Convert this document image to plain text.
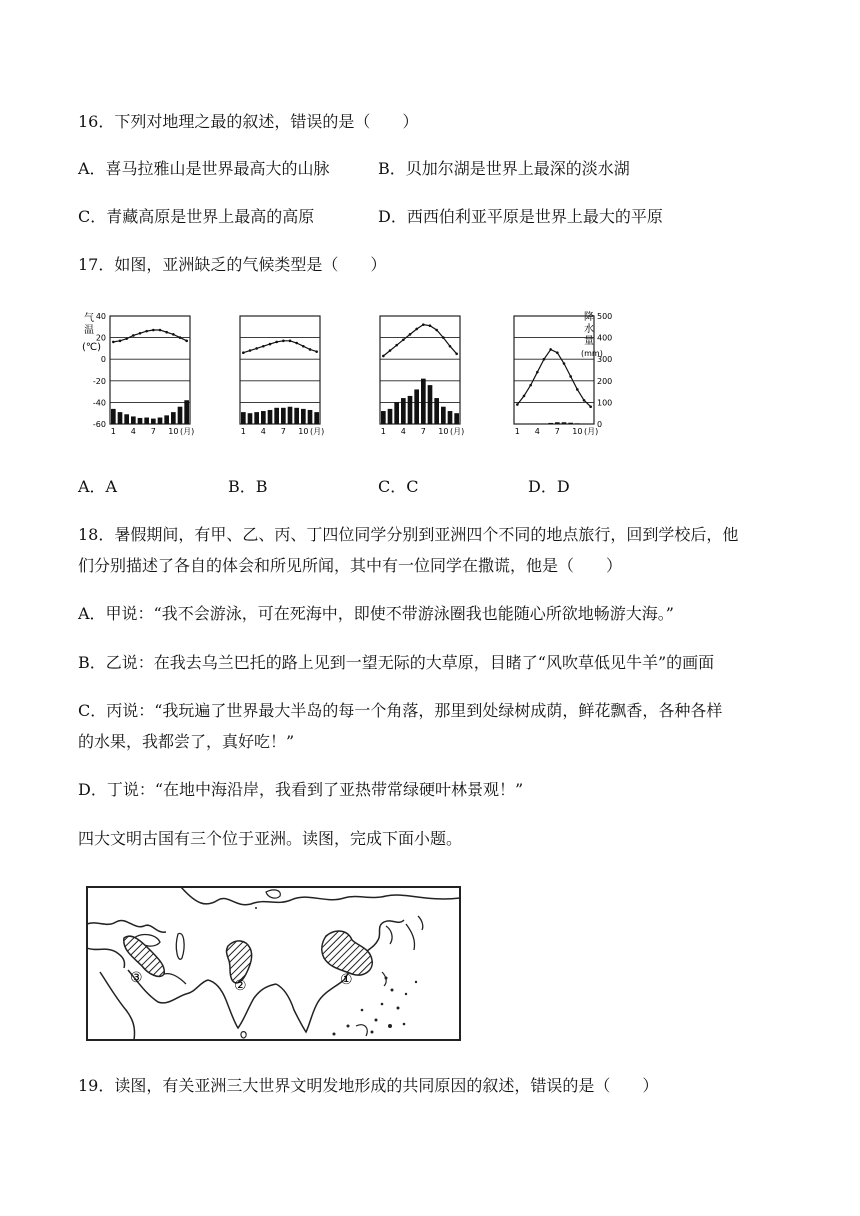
16．下列对地理之最的叙述，错误的是（　　）
A．喜马拉雅山是世界最高大的山脉	B．贝加尔湖是世界上最深的淡水湖
C．青藏高原是世界上最高的高原	D．西西伯利亚平原是世界上最大的平原
17．如图，亚洲缺乏的气候类型是（　　）
气
温
(℃)
40
20
0
-20
-40
-60
500
400
300
200
100
0
降
水
量
(mm)
1 4 7 10 (月)	1 4 7 10 (月)	1 4 7 10 (月)	1 4 7 10 (月)
A．A	B．B	C．C	D．D
18．暑假期间，有甲、乙、丙、丁四位同学分别到亚洲四个不同的地点旅行，回到学校后，他
们分别描述了各自的体会和所见所闻，其中有一位同学在撒谎，他是（　　）
A．甲说：“我不会游泳，可在死海中，即使不带游泳圈我也能随心所欲地畅游大海。”
B．乙说：在我去乌兰巴托的路上见到一望无际的大草原，目睹了“风吹草低见牛羊”的画面
C．丙说：“我玩遍了世界最大半岛的每一个角落，那里到处绿树成荫，鲜花飘香，各种各样
的水果，我都尝了，真好吃！”
D．丁说：“在地中海沿岸，我看到了亚热带常绿硬叶林景观！”
四大文明古国有三个位于亚洲。读图，完成下面小题。
③	②	①
19．读图，有关亚洲三大世界文明发地形成的共同原因的叙述，错误的是（　　）
